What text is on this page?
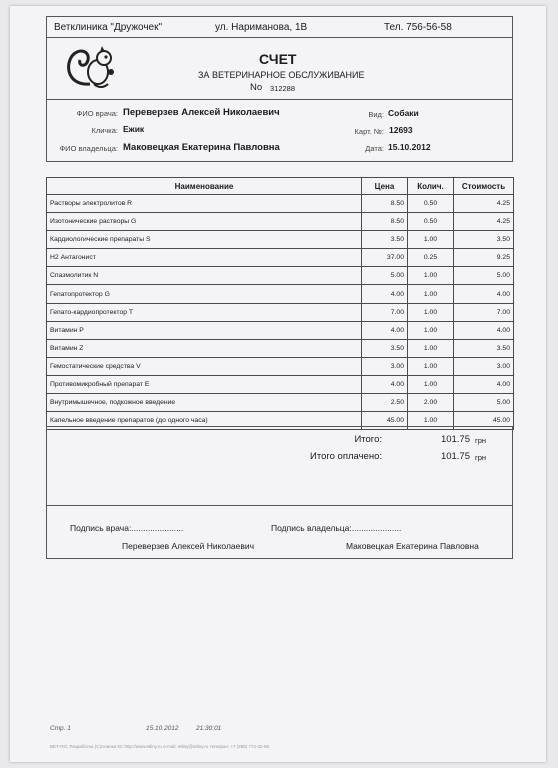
Ветклиника "Дружочек"	ул. Нариманова, 1В	Тел. 756-56-58
СЧЕТ
ЗА ВЕТЕРИНАРНОЕ ОБСЛУЖИВАНИЕ
No 312288
ФИО врача: Переверзев Алексей Николаевич
Кличка: Ежик
ФИО владельца: Маковецкая Екатерина Павловна
Вид: Собаки
Карт. №: 12693
Дата: 15.10.2012
Наименование	Цена	Колич.	Стоимость
Растворы электролитов R	8.50	0.50	4.25
Изотонические растворы G	8.50	0.50	4.25
Кардиологические препараты S	3.50	1.00	3.50
H2 Антагонист	37.00	0.25	9.25
Спазмолитик N	5.00	1.00	5.00
Гепатопротектор G	4.00	1.00	4.00
Гепато-кардиопротектор T	7.00	1.00	7.00
Витамин P	4.00	1.00	4.00
Витамин Z	3.50	1.00	3.50
Гемостатические средства V	3.00	1.00	3.00
Противомикробный препарат E	4.00	1.00	4.00
Внутримышечное, подкожное введение	2.50	2.00	5.00
Капельное введение препаратов (до одного часа)	45.00	1.00	45.00
Итого:	101.75 грн
Итого оплачено:	101.75 грн
Подпись врача:......................	Подпись владельца:.....................
Переверзев Алексей Николаевич	Маковецкая Екатерина Павловна
Стр. 1	15.10.2012	21:30:01
ВЕТ-ПО. Разработка (С)Алинка КС http://www.etliny.ru e-mail: etliny@etliny.ru телефон: +7 (495) 772-32-56
